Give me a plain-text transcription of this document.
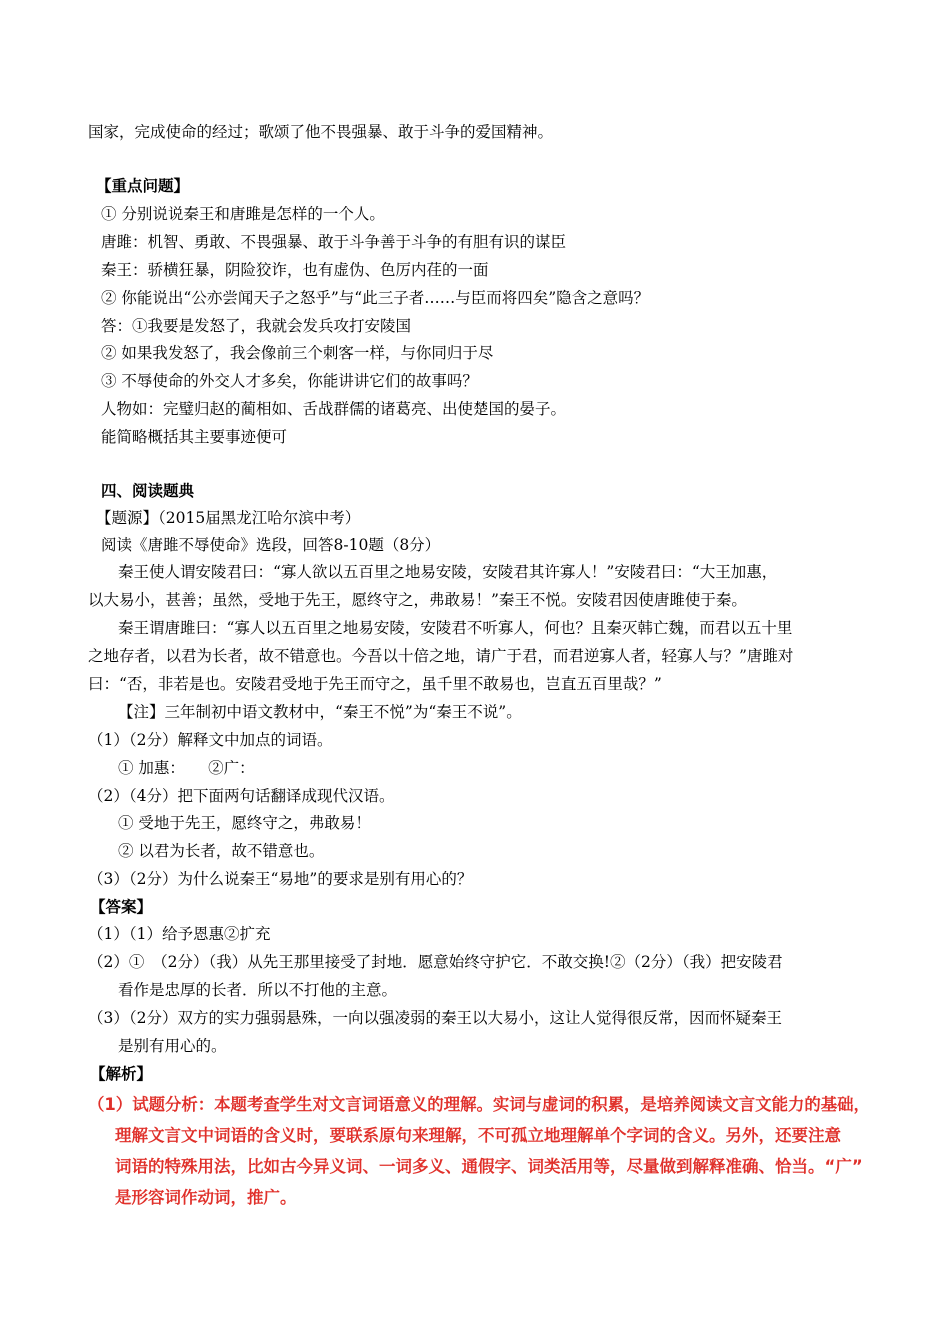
国家，完成使命的经过；歌颂了他不畏强暴、敢于斗争的爱国精神。
【重点问题】
① 分别说说秦王和唐雎是怎样的一个人。
唐雎：机智、勇敢、不畏强暴、敢于斗争善于斗争的有胆有识的谋臣
秦王：骄横狂暴，阴险狡诈，也有虚伪、色厉内荏的一面
② 你能说出“公亦尝闻天子之怒乎”与“此三子者……与臣而将四矣”隐含之意吗？
答：①我要是发怒了，我就会发兵攻打安陵国
② 如果我发怒了，我会像前三个刺客一样，与你同归于尽
③ 不辱使命的外交人才多矣，你能讲讲它们的故事吗？
人物如：完璧归赵的蔺相如、舌战群儒的诸葛亮、出使楚国的晏子。
能简略概括其主要事迹便可
四、阅读题典
【题源】（2015届黑龙江哈尔滨中考）
阅读《唐雎不辱使命》选段，回答8-10题（8分）
秦王使人谓安陵君曰：“寡人欲以五百里之地易安陵，安陵君其许寡人！”安陵君曰：“大王加惠，
以大易小，甚善；虽然，受地于先王，愿终守之，弗敢易！”秦王不悦。安陵君因使唐雎使于秦。
秦王谓唐雎曰：“寡人以五百里之地易安陵，安陵君不听寡人，何也？且秦灭韩亡魏，而君以五十里
之地存者，以君为长者，故不错意也。今吾以十倍之地，请广于君，而君逆寡人者，轻寡人与？”唐雎对
曰：“否，非若是也。安陵君受地于先王而守之，虽千里不敢易也，岂直五百里哉？”
【注】三年制初中语文教材中，“秦王不悦”为“秦王不说”。
（1）（2分）解释文中加点的词语。
① 加惠：　　②广：
（2）（4分）把下面两句话翻译成现代汉语。
① 受地于先王，愿终守之，弗敢易！
② 以君为长者，故不错意也。
（3）（2分）为什么说秦王“易地”的要求是别有用心的？
【答案】
（1）（1）给予恩惠②扩充
（2）①　（2分）（我）从先王那里接受了封地．愿意始终守护它．不敢交换!②（2分）（我）把安陵君
看作是忠厚的长者．所以不打他的主意。
（3）（2分）双方的实力强弱悬殊，一向以强凌弱的秦王以大易小，这让人觉得很反常，因而怀疑秦王
是别有用心的。
【解析】
（1）试题分析：本题考查学生对文言词语意义的理解。实词与虚词的积累，是培养阅读文言文能力的基础，
理解文言文中词语的含义时，要联系原句来理解，不可孤立地理解单个字词的含义。另外，还要注意
词语的特殊用法，比如古今异义词、一词多义、通假字、词类活用等，尽量做到解释准确、恰当。“广”
是形容词作动词，推广。
